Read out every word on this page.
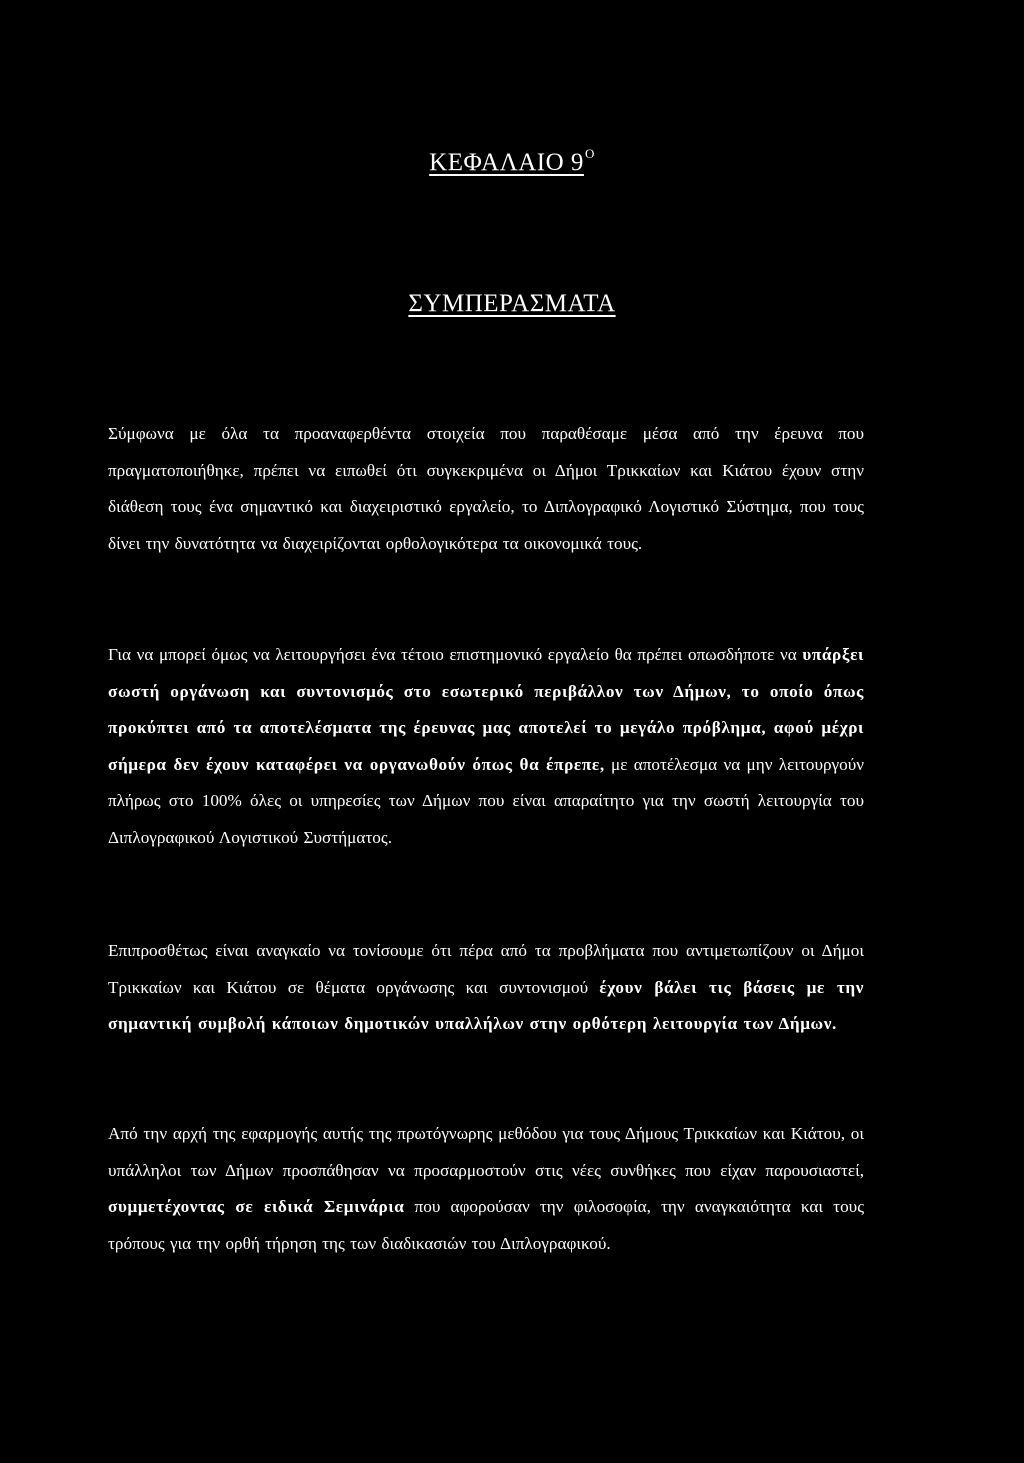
ΚΕΦΑΛΑΙΟ $9^O$
ΣΥΜΠΕΡΑΣΜΑΤΑ

Σύμφωνα με όλα τα προαναφερθέντα στοιχεία που παραθέσαμε μέσα από την έρευνα που πραγματοποιήθηκε, πρέπει να ειπωθεί ότι συγκεκριμένα οι Δήμοι Τρικκαίων και Κιάτου έχουν στην διάθεση τους ένα σημαντικό και διαχειριστικό εργαλείο, το Διπλογραφικό Λογιστικό Σύστημα, που τους δίνει την δυνατότητα να διαχειρίζονται ορθολογικότερα τα οικονομικά τους.

Για να μπορεί όμως να λειτουργήσει ένα τέτοιο επιστημονικό εργαλείο θα πρέπει οπωσδήποτε να υπάρξει σωστή οργάνωση και συντονισμός στο εσωτερικό περιβάλλον των Δήμων, το οποίο όπως προκύπτει από τα αποτελέσματα της έρευνας μας αποτελεί το μεγάλο πρόβλημα, αφού μέχρι σήμερα δεν έχουν καταφέρει να οργανωθούν όπως θα έπρεπε, με αποτέλεσμα να μην λειτουργούν πλήρως στο 100% όλες οι υπηρεσίες των Δήμων που είναι απαραίτητο για την σωστή λειτουργία του Διπλογραφικού Λογιστικού Συστήματος.

Επιπροσθέτως είναι αναγκαίο να τονίσουμε ότι πέρα από τα προβλήματα που αντιμετωπίζουν οι Δήμοι Τρικκαίων και Κιάτου σε θέματα οργάνωσης και συντονισμού έχουν βάλει τις βάσεις με την σημαντική συμβολή κάποιων δημοτικών υπαλλήλων στην ορθότερη λειτουργία των Δήμων.

Από την αρχή της εφαρμογής αυτής της πρωτόγνωρης μεθόδου για τους Δήμους Τρικκαίων και Κιάτου, οι υπάλληλοι των Δήμων προσπάθησαν να προσαρμοστούν στις νέες συνθήκες που είχαν παρουσιαστεί, συμμετέχοντας σε ειδικά Σεμινάρια που αφορούσαν την φιλοσοφία, την αναγκαιότητα και τους τρόπους για την ορθή τήρηση της των διαδικασιών του Διπλογραφικού.
